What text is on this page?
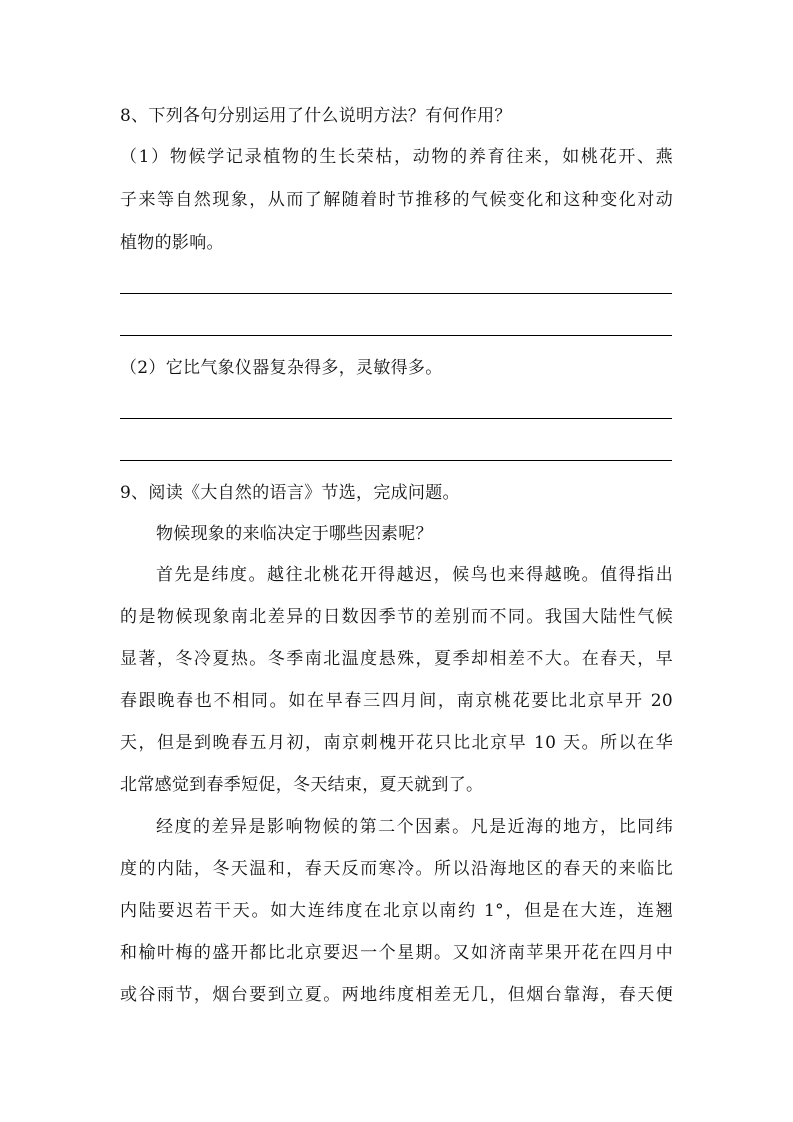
8、下列各句分别运用了什么说明方法？有何作用？
（1）物候学记录植物的生长荣枯，动物的养育往来，如桃花开、燕
子来等自然现象，从而了解随着时节推移的气候变化和这种变化对动
植物的影响。
（2）它比气象仪器复杂得多，灵敏得多。
9、阅读《大自然的语言》节选，完成问题。
物候现象的来临决定于哪些因素呢？
首先是纬度。越往北桃花开得越迟，候鸟也来得越晚。值得指出
的是物候现象南北差异的日数因季节的差别而不同。我国大陆性气候
显著，冬冷夏热。冬季南北温度悬殊，夏季却相差不大。在春天，早
春跟晚春也不相同。如在早春三四月间，南京桃花要比北京早开 20
天，但是到晚春五月初，南京刺槐开花只比北京早 10 天。所以在华
北常感觉到春季短促，冬天结束，夏天就到了。
经度的差异是影响物候的第二个因素。凡是近海的地方，比同纬
度的内陆，冬天温和，春天反而寒冷。所以沿海地区的春天的来临比
内陆要迟若干天。如大连纬度在北京以南约 1°，但是在大连，连翘
和榆叶梅的盛开都比北京要迟一个星期。又如济南苹果开花在四月中
或谷雨节，烟台要到立夏。两地纬度相差无几，但烟台靠海，春天便
